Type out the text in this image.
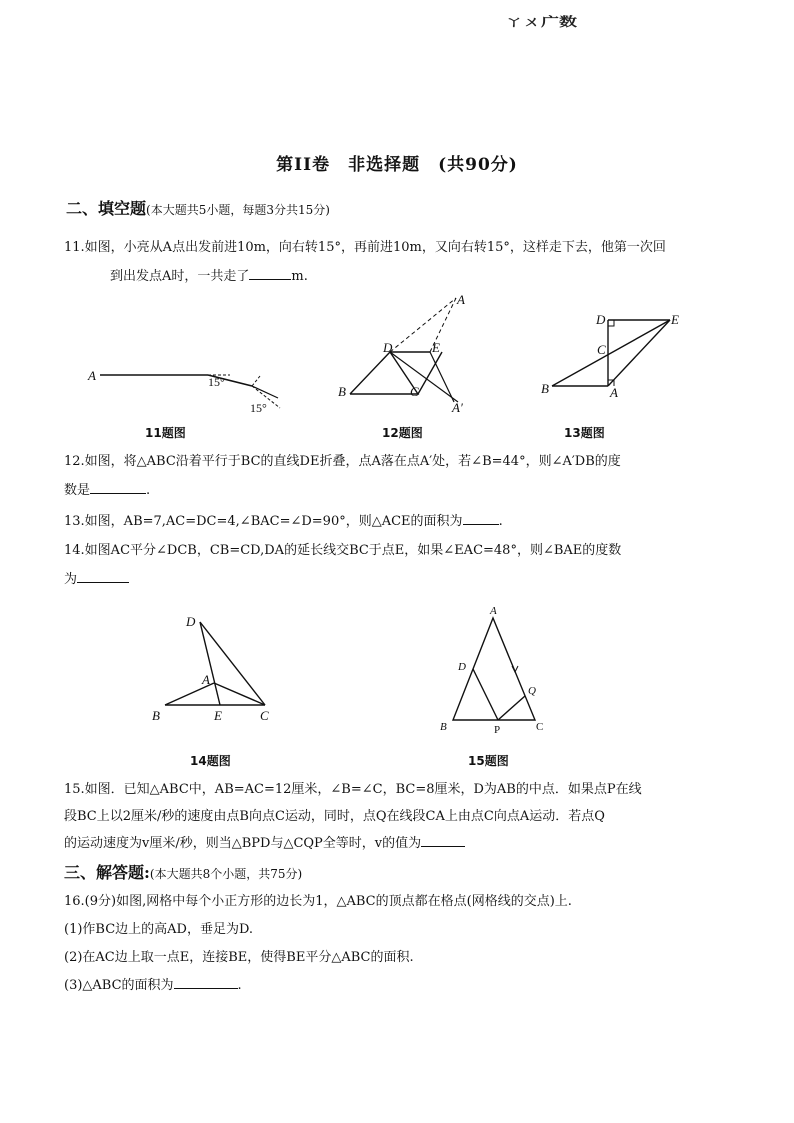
ㄚㄨ广数
第II卷　非选择题　(共90分)
二、填空题(本大题共5小题，每题3分共15分)
11.如图，小亮从A点出发前进10m，向右转15°，再前进10m，又向右转15°，这样走下去，他第一次回
到出发点A时，一共走了	m.
A	15°
15°
A
D	E
B	C
A′
D	E
C
B	A
11题图	12题图	13题图
12.如图，将△ABC沿着平行于BC的直线DE折叠，点A落在点A′处，若∠B=44°，则∠A′DB的度
数是	.
13.如图，AB=7,AC=DC=4,∠BAC=∠D=90°，则△ACE的面积为	.
14.如图AC平分∠DCB，CB=CD,DA的延长线交BC于点E，如果∠EAC=48°，则∠BAE的度数
为
D
A
B	E	C
A
D
Q
B	P	C
14题图	15题图
15.如图．已知△ABC中，AB=AC=12厘米，∠B=∠C，BC=8厘米，D为AB的中点．如果点P在线
段BC上以2厘米/秒的速度由点B向点C运动，同时，点Q在线段CA上由点C向点A运动．若点Q
的运动速度为v厘米/秒，则当△BPD与△CQP全等时，v的值为
三、解答题:(本大题共8个小题，共75分)
16.(9分)如图,网格中每个小正方形的边长为1，△ABC的顶点都在格点(网格线的交点)上.
(1)作BC边上的高AD，垂足为D.
(2)在AC边上取一点E，连接BE，使得BE平分△ABC的面积.
(3)△ABC的面积为	.
